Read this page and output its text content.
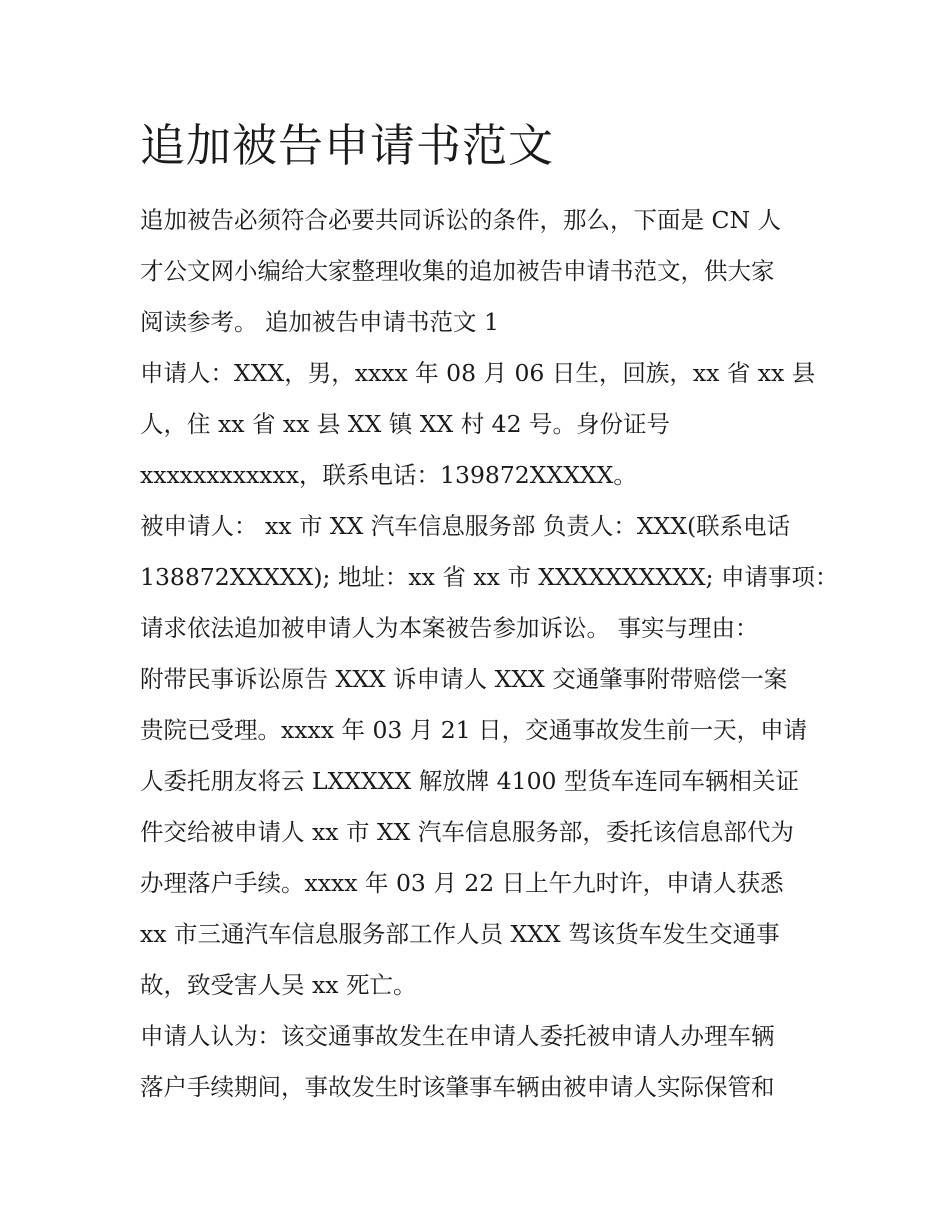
追加被告申请书范文
追加被告必须符合必要共同诉讼的条件，那么，下面是 CN 人
才公文网小编给大家整理收集的追加被告申请书范文，供大家
阅读参考。 追加被告申请书范文 1
申请人：XXX，男，xxxx 年 08 月 06 日生，回族，xx 省 xx 县
人，住 xx 省 xx 县 XX 镇 XX 村 42 号。身份证号
xxxxxxxxxxxx，联系电话：139872XXXXX。
被申请人： xx 市 XX 汽车信息服务部 负责人：XXX(联系电话
138872XXXXX); 地址：xx 省 xx 市 XXXXXXXXXX; 申请事项：
请求依法追加被申请人为本案被告参加诉讼。 事实与理由：
附带民事诉讼原告 XXX 诉申请人 XXX 交通肇事附带赔偿一案
贵院已受理。xxxx 年 03 月 21 日，交通事故发生前一天，申请
人委托朋友将云 LXXXXX 解放牌 4100 型货车连同车辆相关证
件交给被申请人 xx 市 XX 汽车信息服务部，委托该信息部代为
办理落户手续。xxxx 年 03 月 22 日上午九时许，申请人获悉
xx 市三通汽车信息服务部工作人员 XXX 驾该货车发生交通事
故，致受害人吴 xx 死亡。
申请人认为：该交通事故发生在申请人委托被申请人办理车辆
落户手续期间，事故发生时该肇事车辆由被申请人实际保管和
